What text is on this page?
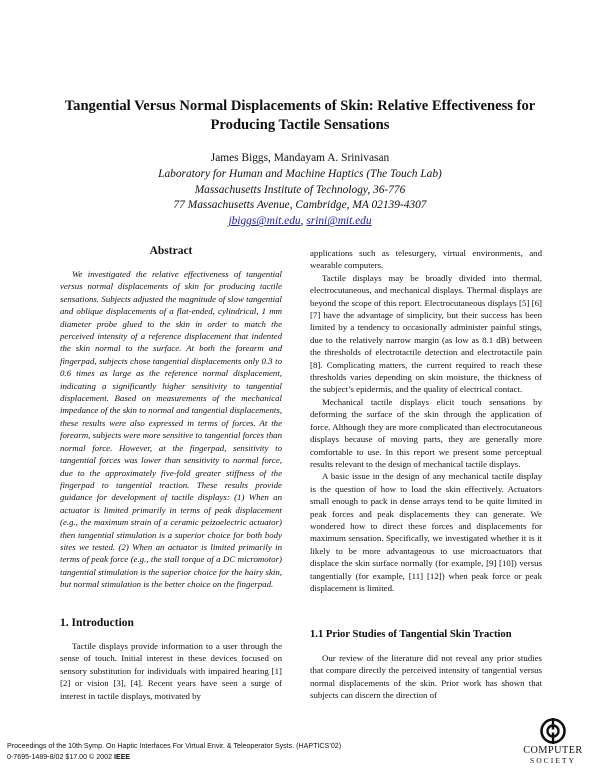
Tangential Versus Normal Displacements of Skin: Relative Effectiveness for Producing Tactile Sensations
James Biggs, Mandayam A. Srinivasan
Laboratory for Human and Machine Haptics (The Touch Lab)
Massachusetts Institute of Technology, 36-776
77 Massachusetts Avenue, Cambridge, MA 02139-4307
jbiggs@mit.edu, srini@mit.edu
Abstract

We investigated the relative effectiveness of tangential versus normal displacements of skin for producing tactile sensations. Subjects adjusted the magnitude of slow tangential and oblique displacements of a flat-ended, cylindrical, 1 mm diameter probe glued to the skin in order to match the perceived intensity of a reference displacement that indented the skin normal to the surface. At both the forearm and fingerpad, subjects chose tangential displacements only 0.3 to 0.6 times as large as the reference normal displacement, indicating a significantly higher sensitivity to tangential displacement. Based on measurements of the mechanical impedance of the skin to normal and tangential displacements, these results were also expressed in terms of forces. At the forearm, subjects were more sensitive to tangential forces than normal force. However, at the fingerpad, sensitivity to tangential forces was lower than sensitivity to normal force, due to the approximately five-fold greater stiffness of the fingerpad to tangential traction. These results provide guidance for development of tactile displays: (1) When an actuator is limited primarily in terms of peak displacement (e.g., the maximum strain of a ceramic peizoelectric actuator) then tangential stimulation is a superior choice for both body sites we tested. (2) When an actuator is limited primarily in terms of peak force (e.g., the stall torque of a DC micromotor) tangential stimulation is the superior choice for the hairy skin, but normal stimulation is the better choice on the fingerpad.

1. Introduction

Tactile displays provide information to a user through the sense of touch. Initial interest in these devices focused on sensory substitution for individuals with impaired hearing [1] [2] or vision [3], [4]. Recent years have seen a surge of interest in tactile displays, motivated by

applications such as telesurgery, virtual environments, and wearable computers.

Tactile displays may be broadly divided into thermal, electrocutaneous, and mechanical displays. Thermal displays are beyond the scope of this report. Electrocutaneous displays [5] [6] [7] have the advantage of simplicity, but their success has been limited by a tendency to occasionally administer painful stings, due to the relatively narrow margin (as low as 8.1 dB) between the thresholds of electrotactile detection and electrotactile pain [8]. Complicating matters, the current required to reach these thresholds varies depending on skin moisture, the thickness of the subject’s epidermis, and the quality of electrical contact.

Mechanical tactile displays elicit touch sensations by deforming the surface of the skin through the application of force. Although they are more complicated than electrocutaneous displays because of moving parts, they are generally more comfortable to use. In this report we present some perceptual results relevant to the design of mechanical tactile displays.

A basic issue in the design of any mechanical tactile display is the question of how to load the skin effectively. Actuators small enough to pack in dense arrays tend to be quite limited in peak forces and peak displacements they can generate. We wondered how to direct these forces and displacements for maximum sensation. Specifically, we investigated whether it is it likely to be more advantageous to use microactuators that displace the skin surface normally (for example, [9] [10]) versus tangentially (for example, [11] [12]) when peak force or peak displacement is limited.

1.1 Prior Studies of Tangential Skin Traction

Our review of the literature did not reveal any prior studies that compare directly the perceived intensity of tangential versus normal displacements of the skin. Prior work has shown that subjects can discern the direction of

Proceedings of the 10th Symp. On Haptic Interfaces For Virtual Envir. & Teleoperator Systs. (HAPTICS’02)
0-7695-1489-8/02 $17.00 © 2002 IEEE
COMPUTER
SOCIETY
